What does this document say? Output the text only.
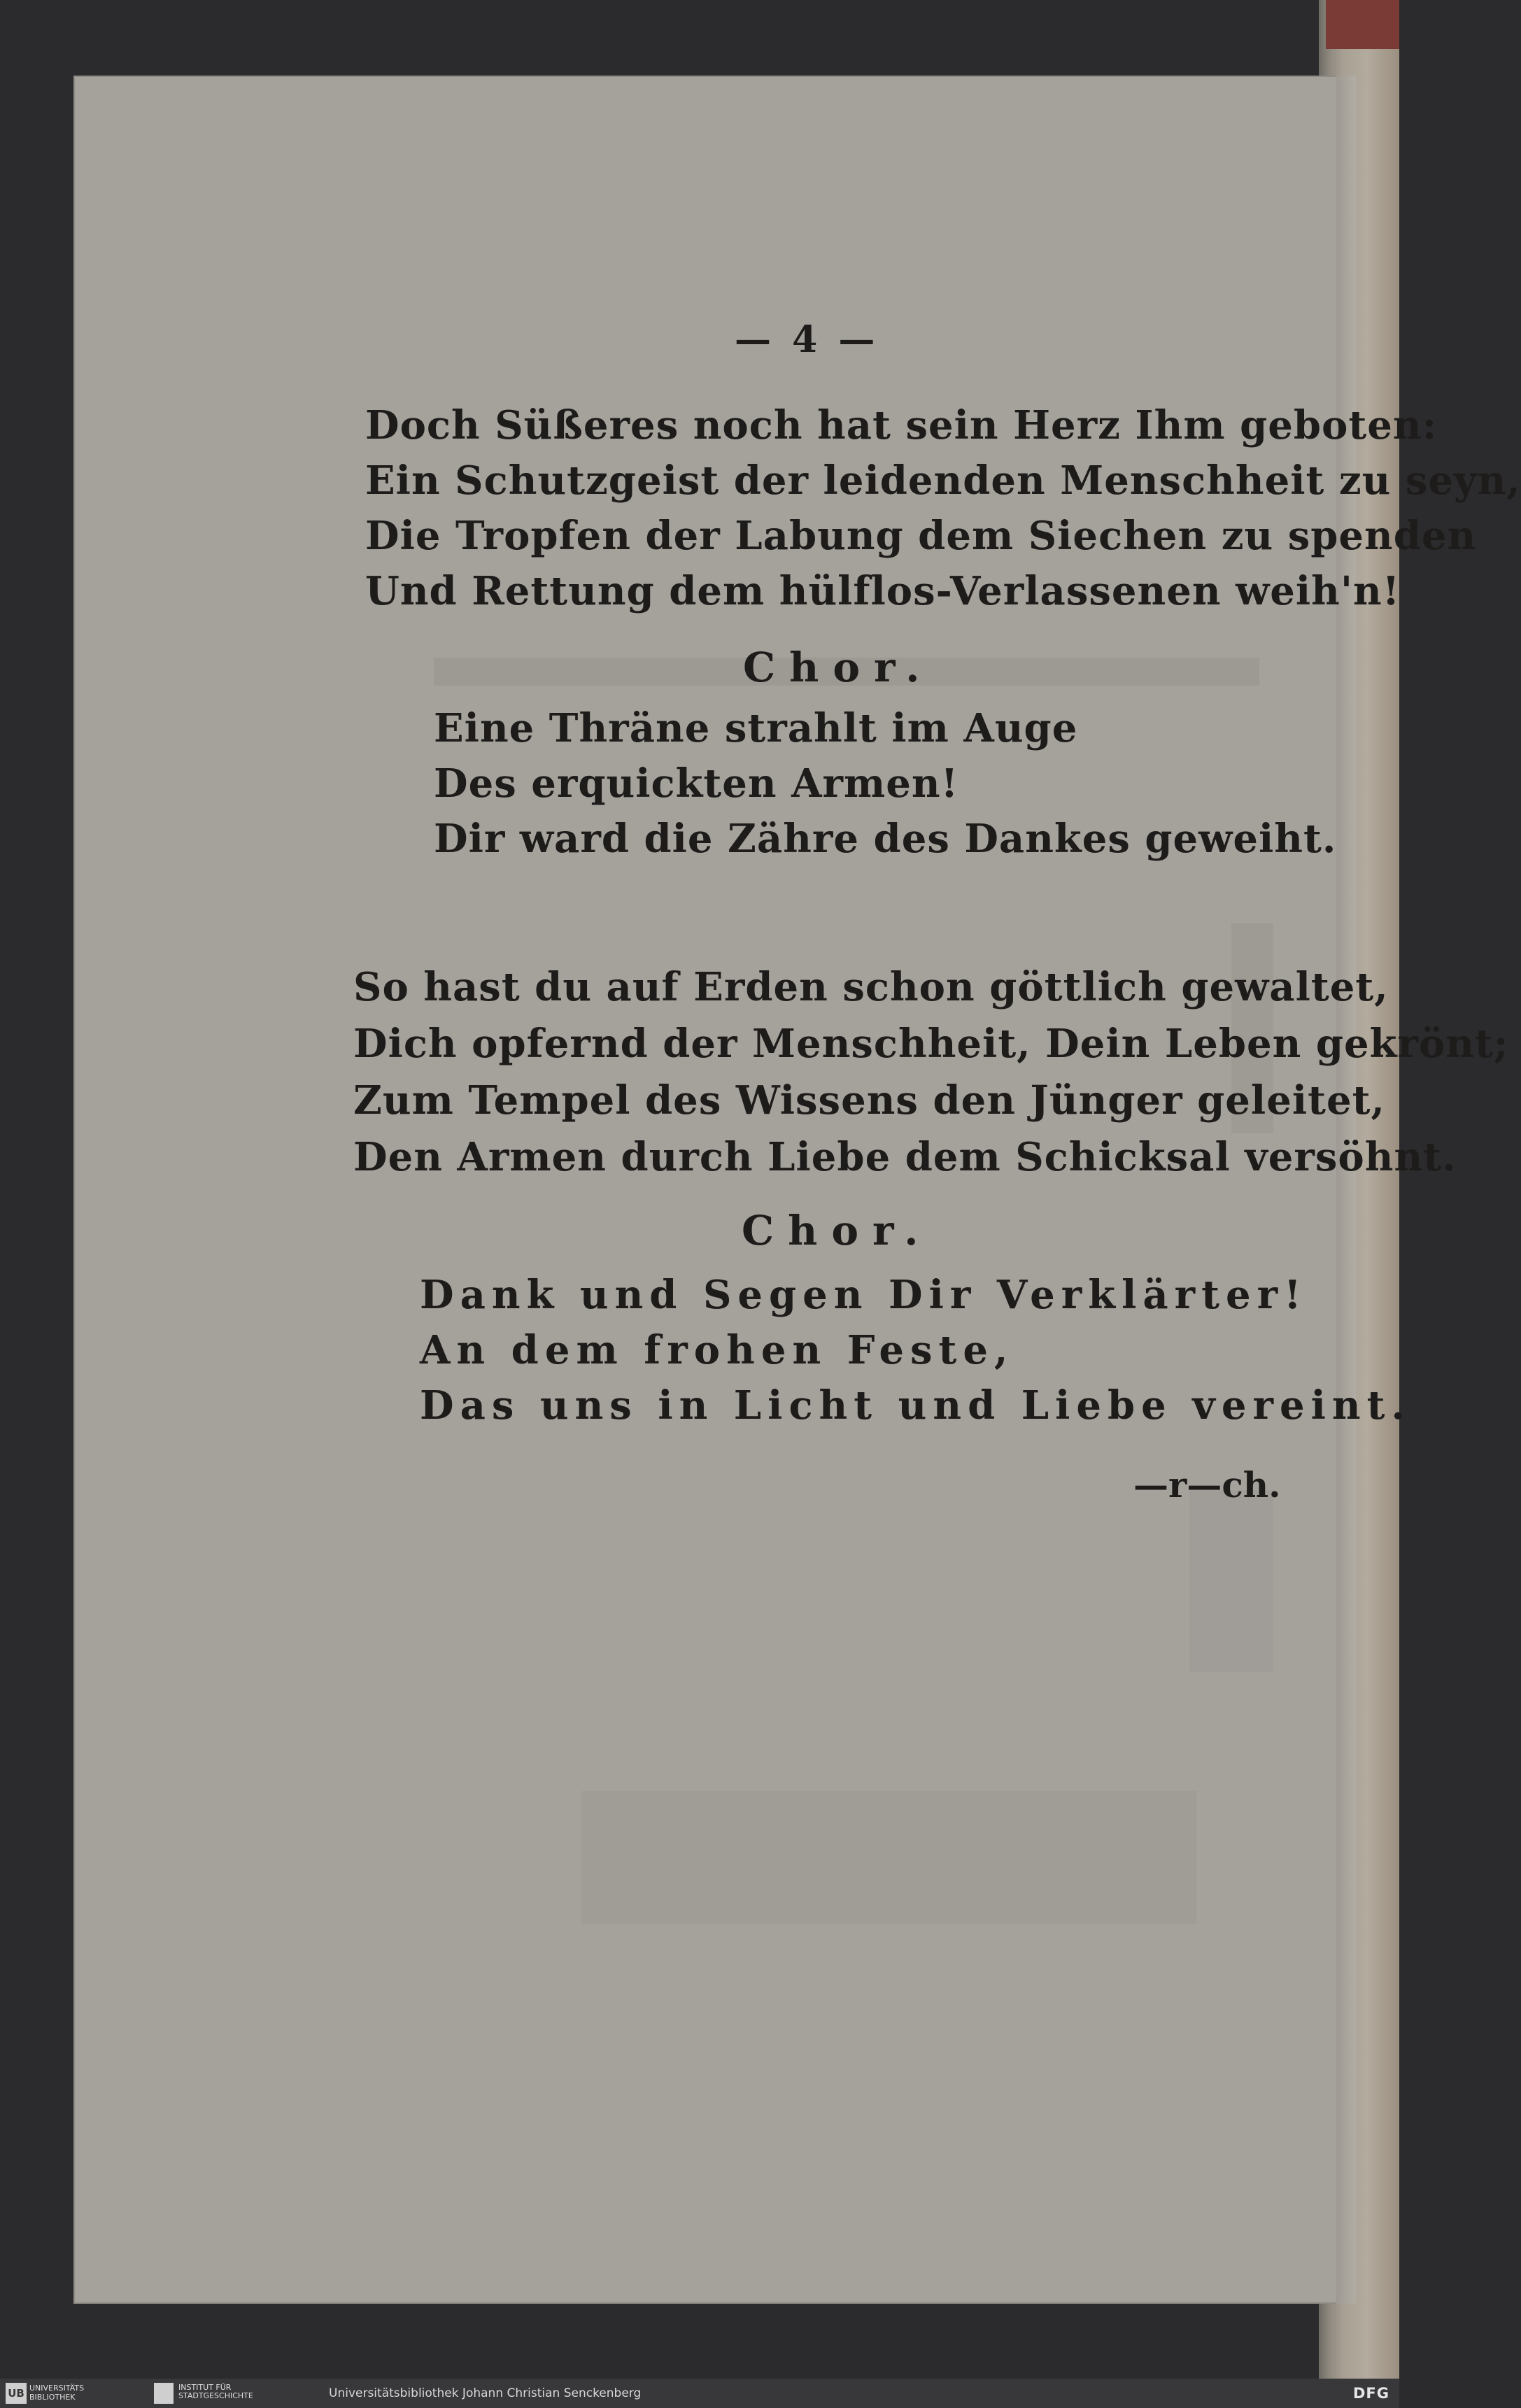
— 4 —
Doch Süßeres noch hat sein Herz Ihm geboten:
Ein Schutzgeist der leidenden Menschheit zu seyn,
Die Tropfen der Labung dem Siechen zu spenden
Und Rettung dem hülflos-Verlassenen weih'n!
Chor.
Eine Thräne strahlt im Auge
Des erquickten Armen!
Dir ward die Zähre des Dankes geweiht.
So hast du auf Erden schon göttlich gewaltet,
Dich opfernd der Menschheit, Dein Leben gekrönt;
Zum Tempel des Wissens den Jünger geleitet,
Den Armen durch Liebe dem Schicksal versöhnt.
Chor.
Dank und Segen Dir Verklärter!
An dem frohen Feste,
Das uns in Licht und Liebe vereint.
—r—ch.
UB UNIVERSITÄTS
BIBLIOTHEK
INSTITUT FÜR
STADTGESCHICHTE	Universitätsbibliothek Johann Christian Senckenberg	DFG
